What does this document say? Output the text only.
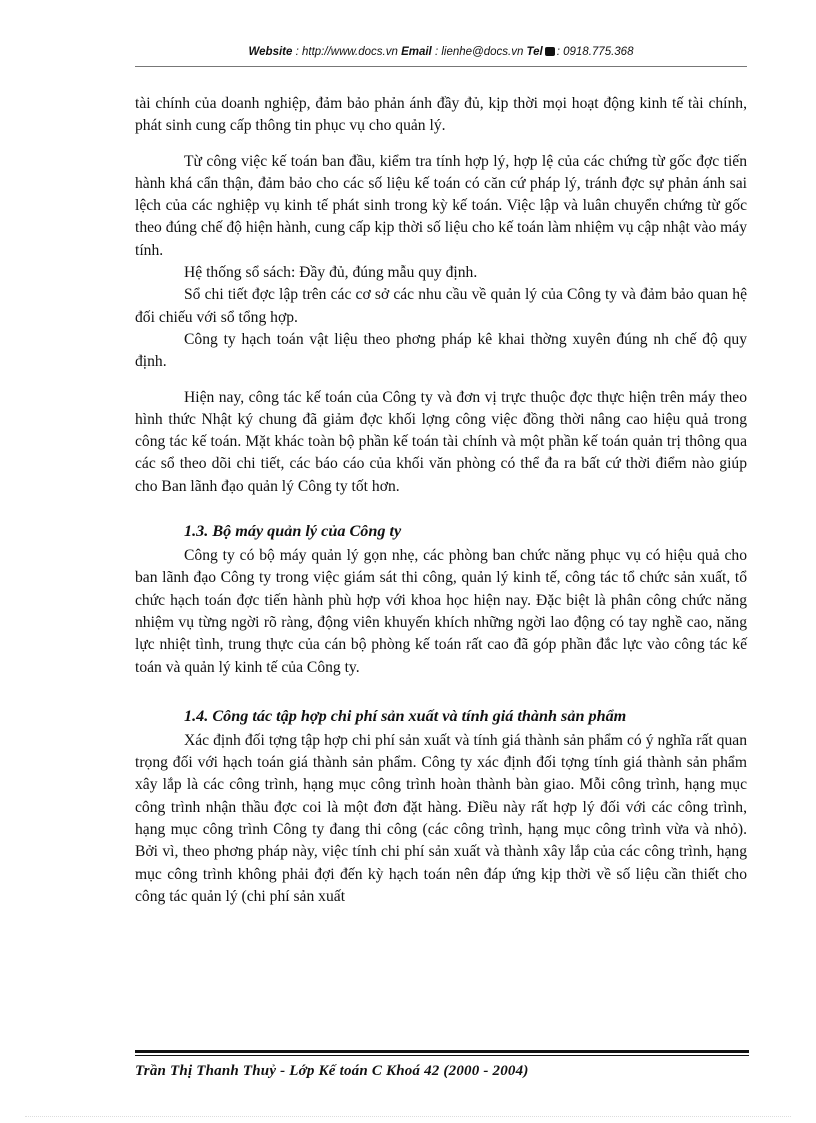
Website : http://www.docs.vn Email : lienhe@docs.vn Tel : 0918.775.368

tài chính của doanh nghiệp, đảm bảo phản ánh đầy đủ, kịp thời mọi hoạt động kinh tế tài chính, phát sinh cung cấp thông tin phục vụ cho quản lý.

Từ công việc kế toán ban đầu, kiểm tra tính hợp lý, hợp lệ của các chứng từ gốc đợc tiến hành khá cẩn thận, đảm bảo cho các số liệu kế toán có căn cứ pháp lý, tránh đợc sự phản ánh sai lệch của các nghiệp vụ kinh tế phát sinh trong kỳ kế toán. Việc lập và luân chuyển chứng từ gốc theo đúng chế độ hiện hành, cung cấp kịp thời số liệu cho kế toán làm nhiệm vụ cập nhật vào máy tính.

Hệ thống sổ sách: Đầy đủ, đúng mẫu quy định.

Sổ chi tiết đợc lập trên các cơ sở các nhu cầu về quản lý của Công ty và đảm bảo quan hệ đối chiếu với sổ tổng hợp.

Công ty hạch toán vật liệu theo phơng pháp kê khai thờng xuyên đúng nh chế độ quy định.

Hiện nay, công tác kế toán của Công ty và đơn vị trực thuộc đợc thực hiện trên máy theo hình thức Nhật ký chung đã giảm đợc khối lợng công việc đồng thời nâng cao hiệu quả trong công tác kế toán. Mặt khác toàn bộ phần kế toán tài chính và một phần kế toán quản trị thông qua các sổ theo dõi chi tiết, các báo cáo của khối văn phòng có thể đa ra bất cứ thời điểm nào giúp cho Ban lãnh đạo quản lý Công ty tốt hơn.

1.3. Bộ máy quản lý của Công ty

Công ty có bộ máy quản lý gọn nhẹ, các phòng ban chức năng phục vụ có hiệu quả cho ban lãnh đạo Công ty trong việc giám sát thi công, quản lý kinh tế, công tác tổ chức sản xuất, tổ chức hạch toán đợc tiến hành phù hợp với khoa học hiện nay. Đặc biệt là phân công chức năng nhiệm vụ từng ngời rõ ràng, động viên khuyến khích những ngời lao động có tay nghề cao, năng lực nhiệt tình, trung thực của cán bộ phòng kế toán rất cao đã góp phần đắc lực vào công tác kế toán và quản lý kinh tế của Công ty.

1.4. Công tác tập hợp chi phí sản xuất và tính giá thành sản phẩm

Xác định đối tợng tập hợp chi phí sản xuất và tính giá thành sản phẩm có ý nghĩa rất quan trọng đối với hạch toán giá thành sản phẩm. Công ty xác định đối tợng tính giá thành sản phẩm xây lắp là các công trình, hạng mục công trình hoàn thành bàn giao. Mỗi công trình, hạng mục công trình nhận thầu đợc coi là một đơn đặt hàng. Điều này rất hợp lý đối với các công trình, hạng mục công trình Công ty đang thi công (các công trình, hạng mục công trình vừa và nhỏ). Bởi vì, theo phơng pháp này, việc tính chi phí sản xuất và thành xây lắp của các công trình, hạng mục công trình không phải đợi đến kỳ hạch toán nên đáp ứng kịp thời về số liệu cần thiết cho công tác quản lý (chi phí sản xuất

Trần Thị Thanh Thuỷ - Lớp Kế toán C Khoá 42 (2000 - 2004)
